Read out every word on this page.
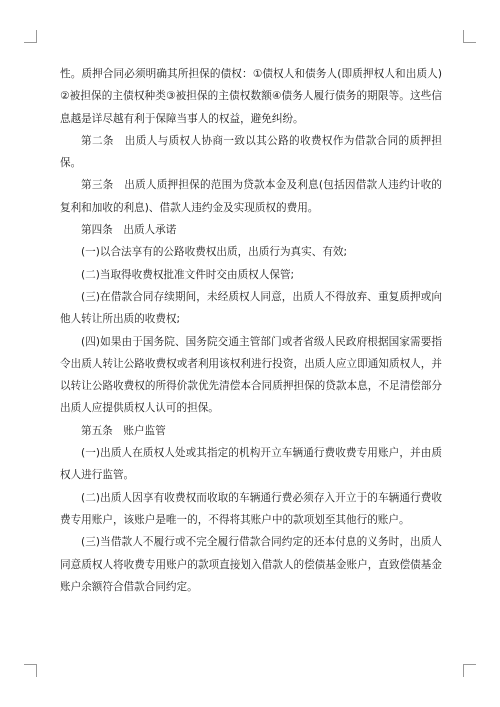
性。质押合同必须明确其所担保的债权：①债权人和债务人(即质押权人和出质人)②被担保的主债权种类③被担保的主债权数额④债务人履行债务的期限等。这些信息越是详尽越有利于保障当事人的权益，避免纠纷。

第二条　出质人与质权人协商一致以其公路的收费权作为借款合同的质押担保。

第三条　出质人质押担保的范围为贷款本金及利息(包括因借款人违约计收的复利和加收的利息)、借款人违约金及实现质权的费用。

第四条　出质人承诺

(一)以合法享有的公路收费权出质，出质行为真实、有效;

(二)当取得收费权批准文件时交由质权人保管;

(三)在借款合同存续期间，未经质权人同意，出质人不得放弃、重复质押或向他人转让所出质的收费权;

(四)如果由于国务院、国务院交通主管部门或者省级人民政府根据国家需要指令出质人转让公路收费权或者利用该权利进行投资，出质人应立即通知质权人，并以转让公路收费权的所得价款优先清偿本合同质押担保的贷款本息，不足清偿部分出质人应提供质权人认可的担保。

第五条　账户监管

(一)出质人在质权人处或其指定的机构开立车辆通行费收费专用账户，并由质权人进行监管。

(二)出质人因享有收费权而收取的车辆通行费必须存入开立于的车辆通行费收费专用账户，该账户是唯一的，不得将其账户中的款项划至其他行的账户。

(三)当借款人不履行或不完全履行借款合同约定的还本付息的义务时，出质人同意质权人将收费专用账户的款项直接划入借款人的偿债基金账户，直致偿债基金账户余额符合借款合同约定。
